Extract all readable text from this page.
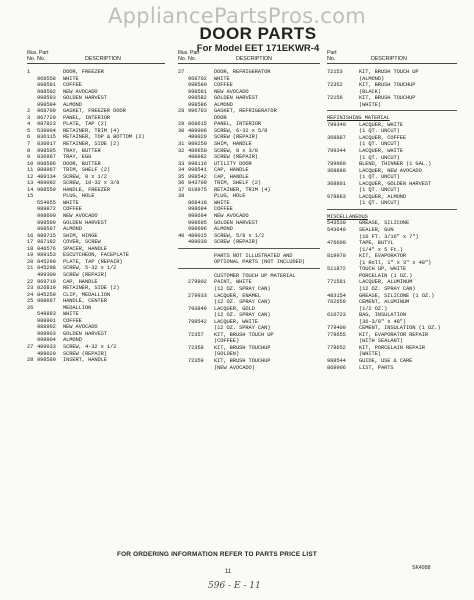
AppliancePartsPros.com
DOOR PARTS
For Model EET 171EKWR-4
Illus. Part
No. No.	DESCRIPTION
1	DOOR, FREEZER
968558	WHITE
998591	COFFEE
998592	NEW AVOCADO
998593	GOLDEN HARVEST
998594	ALMOND
2	968700	GASKET, FREEZER DOOR
3	867729	PANEL, INTERIOR
4	987823	PLATE, TAP (2)
5	539904	RETAINER, TRIM (4)
6	836115	RETAINER, TOP & BOTTOM (2)
7	836017	RETAINER, SIDE (2)
8	998595	TRAY, BUTTER
9	836967	TRAY, EGG
10 998596	DOOR, BUTTER
11 988967	TRIM, SHELF (2)
12 489134	SCREW, 8 x 1/2
13 489092	SCREW, 10-32 x 3/8
14 988559	HANDLE, FREEZER
15	PLUG, HOLE
554955	WHITE
989872	COFFEE
998600	NEW AVOCADO
998599	GOLDEN HARVEST
998597	ALMOND
16 989715	SHIM, HINGE
17 987182	COVER, SCREW
18 846576	SPACER, HANDLE
19 989153	ESCUTCHEON, FACEPLATE
20 845299	PLATE, TAP (REPAIR)
21 845298	SCREW, 5-32 x 1/2
489300	SCREW (REPAIR)
22 969719	CAP, HANDLE
23 826819	RETAINER, SIDE (2)
24 845259	CLIP, MEDALLION
25 998667	HANDLE, CENTER
26	MEDALLION
548883	WHITE
988901	COFFEE
988902	NEW AVOCADO
998903	GOLDEN HARVEST
998904	ALMOND
27 489033	SCREW, 4-32 x 1/2
489020	SCREW (REPAIR)
28 998589	INSERT, HANDLE
Illus. Part
No. No.	DESCRIPTION
27	DOOR, REFRIGERATOR
968702	WHITE
998580	COFFEE
998581	NEW AVOCADO
998582	GOLDEN HARVEST
998586	ALMOND
28 996703	GASKET, REFRIGERATOR
DOOR
29 868615	PANEL, INTERIOR
30 489006	SCREW, 6-32 x 5/8
489029	SCREW (REPAIR)
31 989250	SHIM, HANDLE
32 489650	SCREW, 8 x 3/8
488982	SCREW (REPAIR)
33 998116	UTILITY DOOR
34 998541	CAP, HANDLE
35 998542	CAP, HANDLE
36 843700	TRIM, SHELF (2)
37 819975	RETAINER, TRIM (4)
38	PLUG, HOLE
868416	WHITE
998694	COFFEE
998694	NEW AVOCADO
998695	GOLDEN HARVEST
998696	ALMOND
40 489015	SCREW, 5/8 x 1/2
489030	SCREW (REPAIR)
PARTS NOT ILLUSTRATED AND
OPTIONAL PARTS (NOT INCLUDED)
CUSTOMER TOUCH UP MATERIAL
279902	PAINT, WHITE
(12 OZ. SPRAY CAN)
279933	LACQUER, ENAMEL
(12 OZ. SPRAY CAN)
793849	LACQUER, GOLD
(12 OZ. SPRAY CAN)
799542	LACQUER, WHITE
(12 OZ. SPRAY CAN)
72357	KIT, BRUSH TOUCH UP
(COFFEE)
72358	KIT, BRUSH TOUCHUP
(GOLDEN)
72359	KIT, BRUSH TOUCHUP
(NEW AVOCADO)
Part
No.	DESCRIPTION
72153	KIT, BRUSH TOUCH UP
(ALMOND)
72352	KIT, BRUSH TOUCHUP
(BLACK)
72156	KIT, BRUSH TOUCHUP
(WHITE)
REFINISHING MATERIAL
799340	LACQUER, WHITE
(1 QT. UNCUT)
368887	LACQUER, COFFEE
(1 QT. UNCUT)
799344	LACQUER, WHITE
(1 QT. UNCUT)
799960	BLEND, THINNER (1 GAL.)
368889	LACQUER, NEW AVOCADO
(1 QT. UNCUT)
368891	LACQUER, GOLDEN HARVEST
(1 QT. UNCUT)
978883	LACQUER, ALMOND
(1 QT. UNCUT)
MISCELLANEOUS
543530	GREASE, SILICONE
543640	SEALER, GUN
(10 FT. 3/16" x 7")
476600	TAPE, BUTYL
(1/4" x 5 Ft.)
819970	KIT, EVAPORATOR
(1 Roll, 1" x 3" x 48")
511872	TOUCH UP, WHITE
PORCELAIN (1 OZ.)
771581	LACQUER, ALUMINUM
(12 OZ. SPRAY CAN)
483154	GREASE, SILICONE (1 OZ.)
762659	CEMENT, ALUMINUM
(1/2 OZ.)
616723	BAG, INSULATION
(36-3/8" x 48")
779400	CEMENT, INSULATION (1 OZ.)
779655	KIT, EVAPORATOR REPAIR
(WITH SEALANT)
779652	KIT, PORCELAIN REPAIR
(WHITE)
988544	GUIDE, USE & CARE
869906	LIST, PARTS
FOR ORDERING INFORMATION REFER TO PARTS PRICE LIST
11
SK4988
596 - E - 11
